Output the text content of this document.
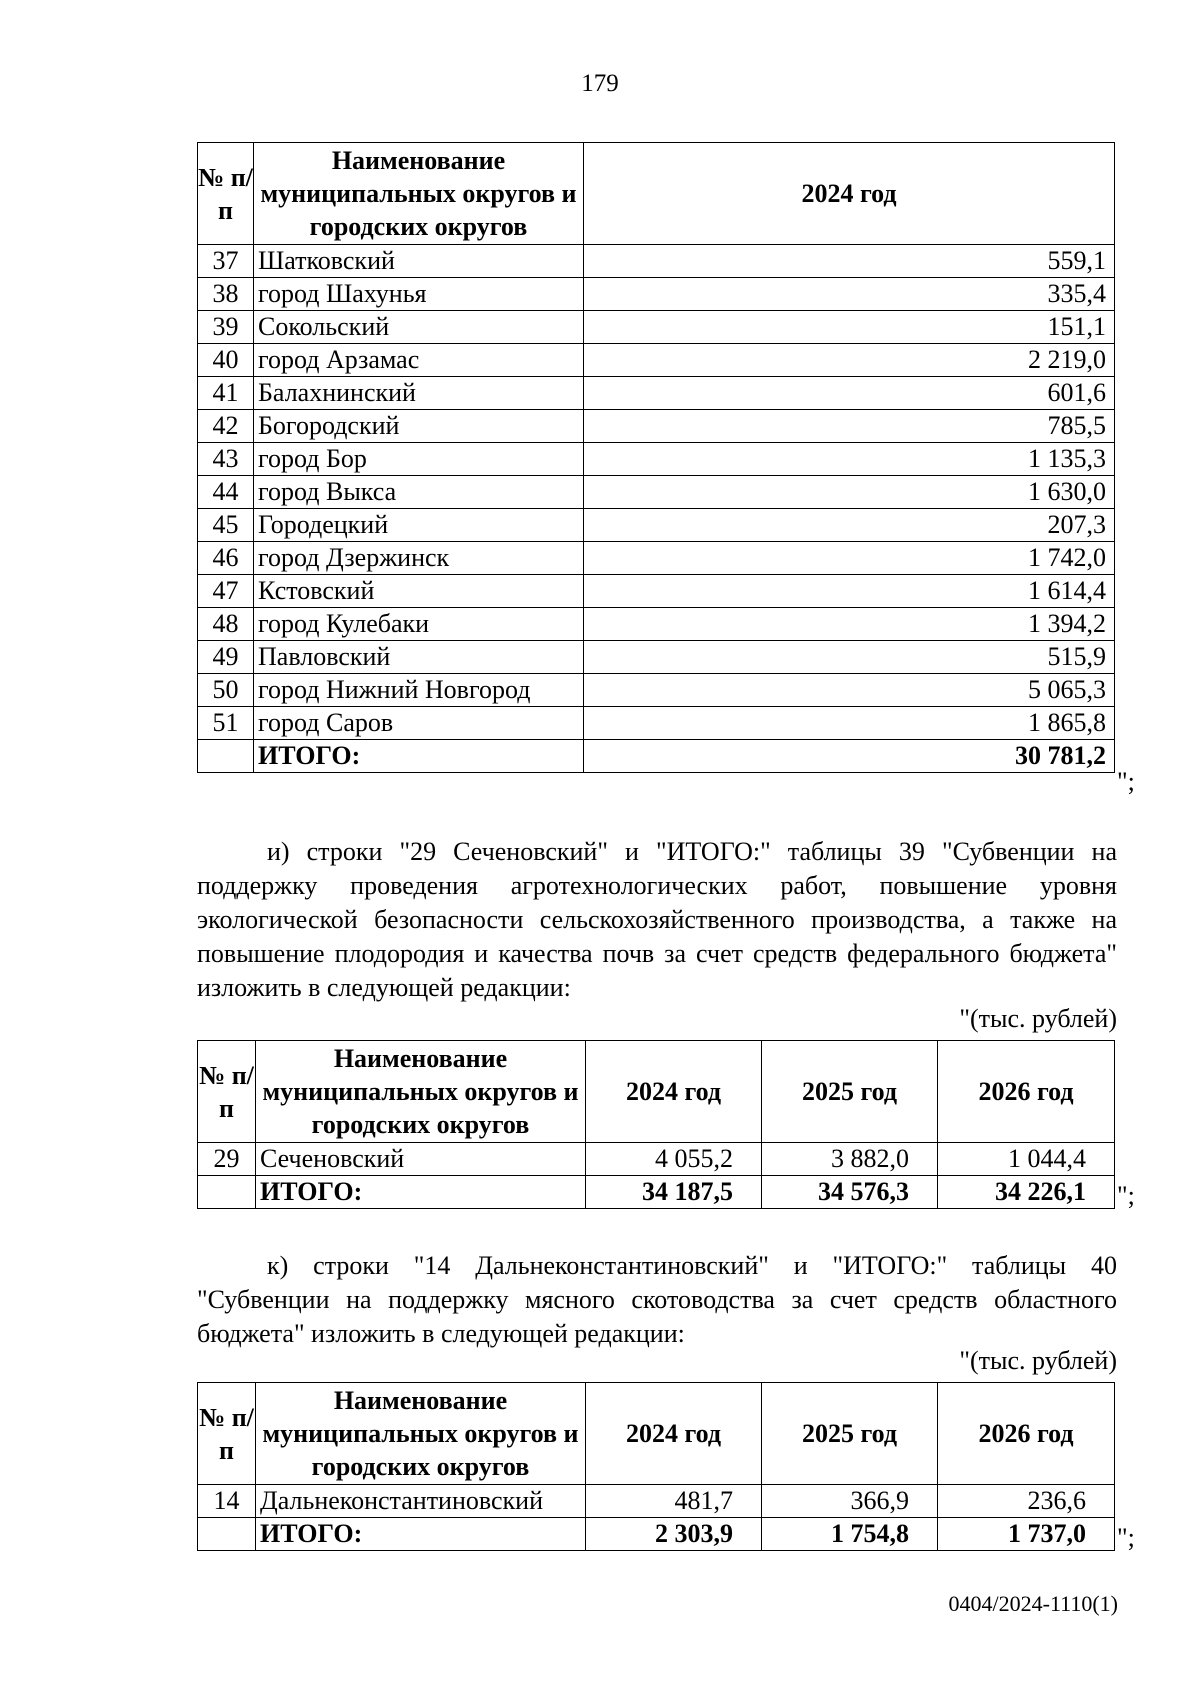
179
№ п/п	Наименование муниципальных округов и городских округов	2024 год
37	Шатковский	559,1
38	город Шахунья	335,4
39	Сокольский	151,1
40	город Арзамас	2 219,0
41	Балахнинский	601,6
42	Богородский	785,5
43	город Бор	1 135,3
44	город Выкса	1 630,0
45	Городецкий	207,3
46	город Дзержинск	1 742,0
47	Кстовский	1 614,4
48	город Кулебаки	1 394,2
49	Павловский	515,9
50	город Нижний Новгород	5 065,3
51	город Саров	1 865,8
	ИТОГО:	30 781,2
";
и) строки "29 Сеченовский" и "ИТОГО:" таблицы 39 "Субвенции на поддержку проведения агротехнологических работ, повышение уровня экологической безопасности сельскохозяйственного производства, а также на повышение плодородия и качества почв за счет средств федерального бюджета" изложить в следующей редакции:
"(тыс. рублей)
№ п/п	Наименование муниципальных округов и городских округов	2024 год	2025 год	2026 год
29	Сеченовский	4 055,2	3 882,0	1 044,4
	ИТОГО:	34 187,5	34 576,3	34 226,1 ";
к) строки "14 Дальнеконстантиновский" и "ИТОГО:" таблицы 40 "Субвенции на поддержку мясного скотоводства за счет средств областного бюджета" изложить в следующей редакции:
"(тыс. рублей)
№ п/п	Наименование муниципальных округов и городских округов	2024 год	2025 год	2026 год
14	Дальнеконстантиновский	481,7	366,9	236,6
	ИТОГО:	2 303,9	1 754,8	1 737,0 ";
0404/2024-1110(1)
